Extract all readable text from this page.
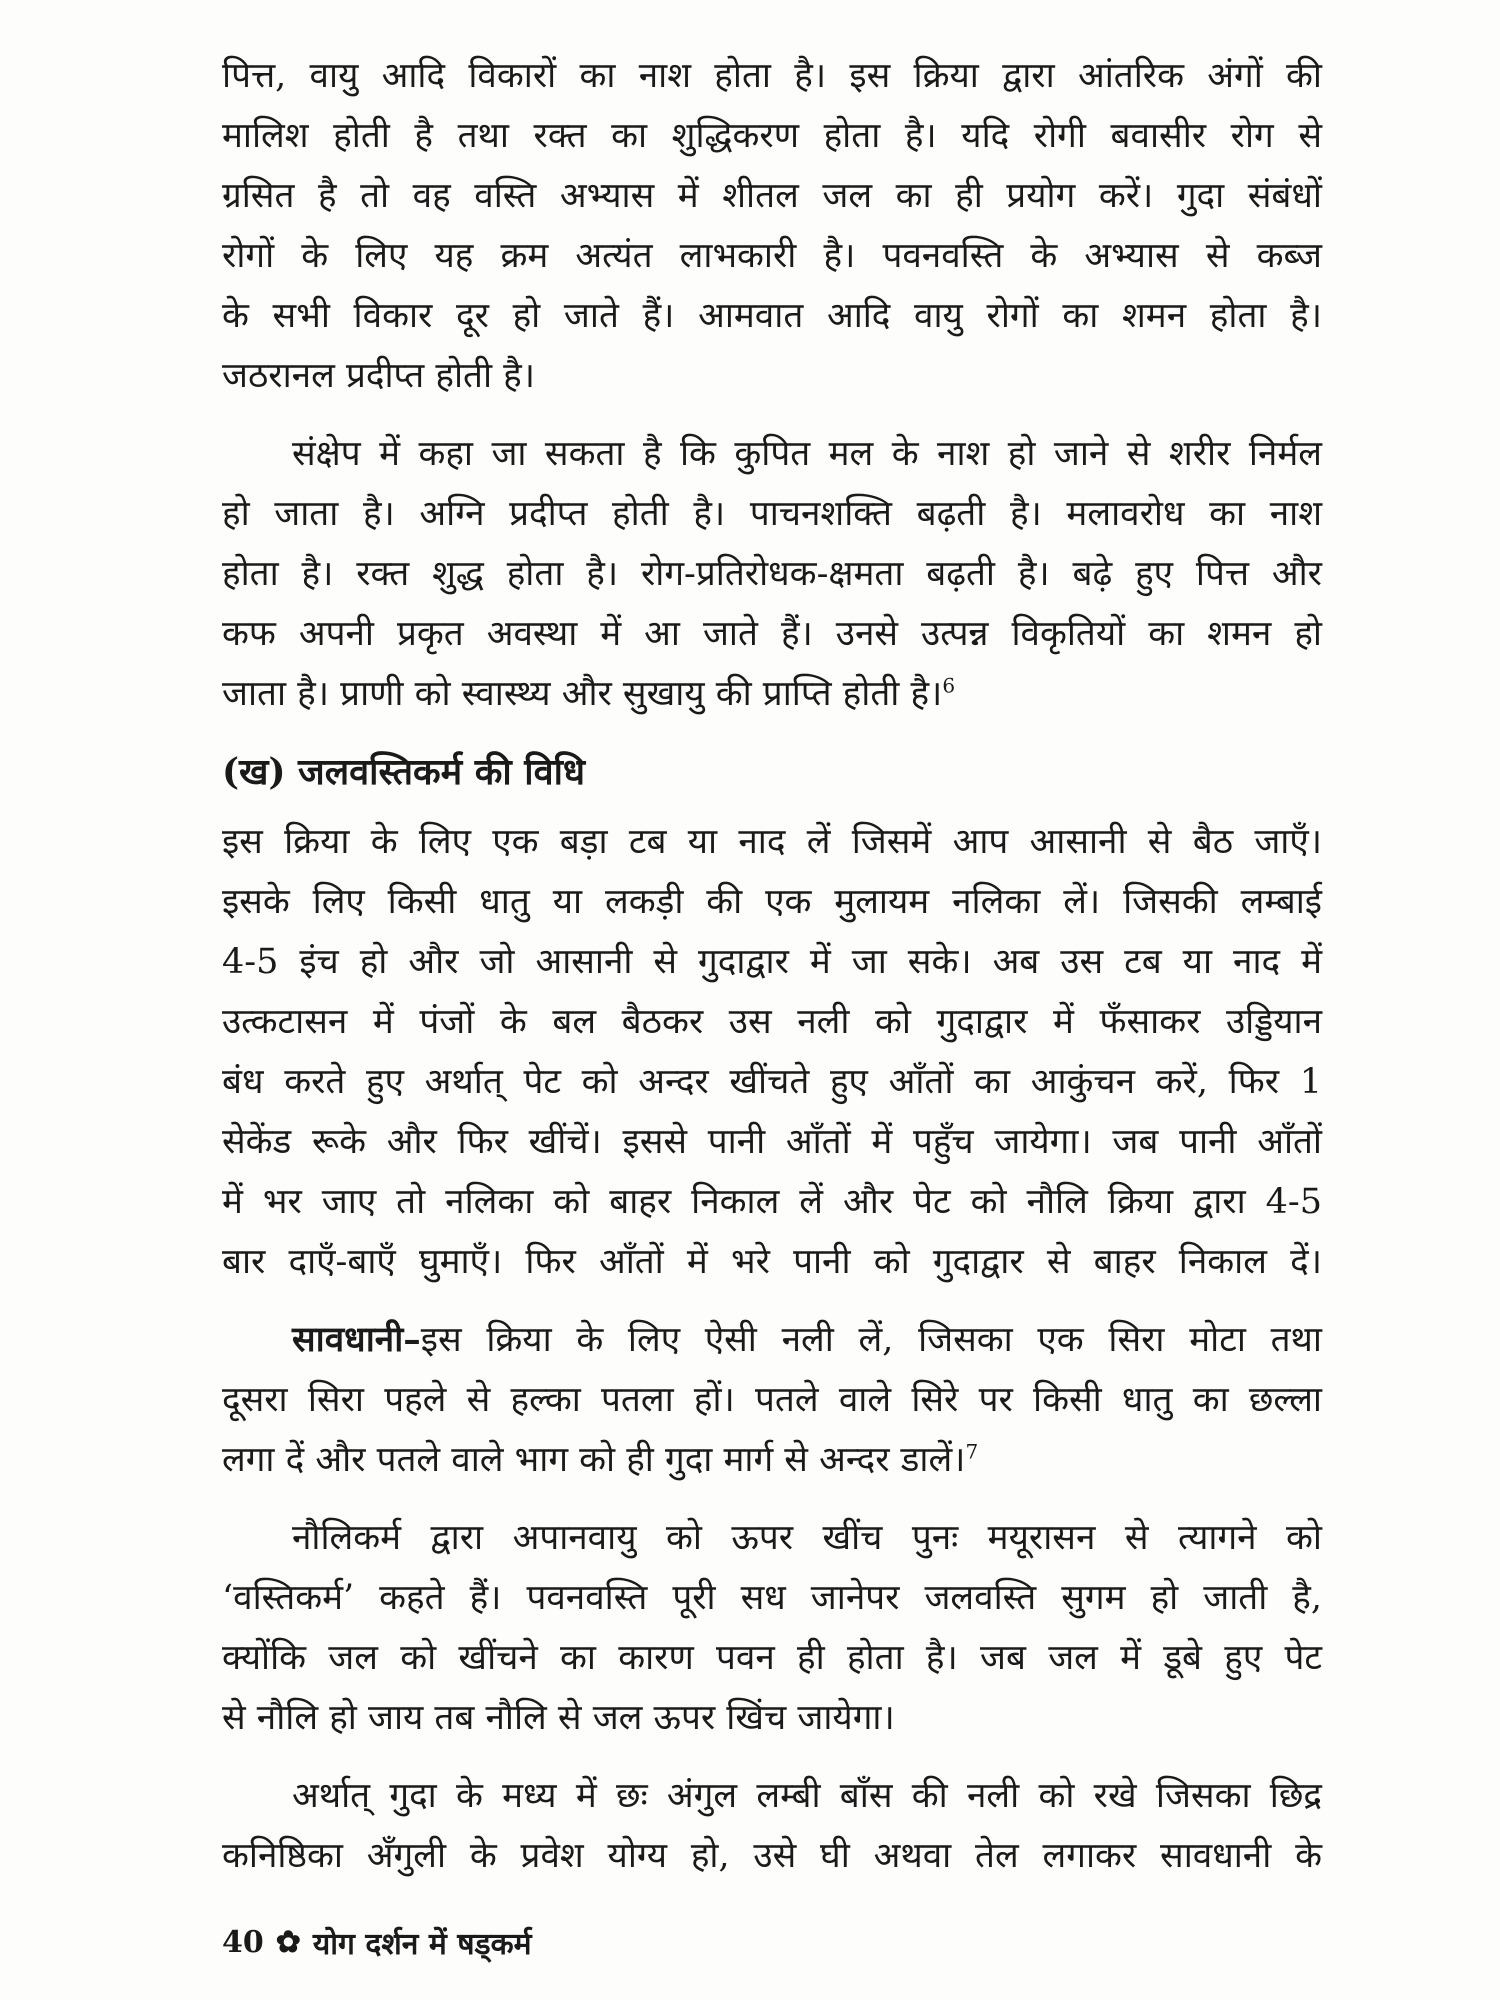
पित्त, वायु आदि विकारों का नाश होता है। इस क्रिया द्वारा आंतरिक अंगों की
मालिश होती है तथा रक्त का शुद्धिकरण होता है। यदि रोगी बवासीर रोग से
ग्रसित है तो वह वस्ति अभ्यास में शीतल जल का ही प्रयोग करें। गुदा संबंधों
रोगों के लिए यह क्रम अत्यंत लाभकारी है। पवनवस्ति के अभ्यास से कब्ज
के सभी विकार दूर हो जाते हैं। आमवात आदि वायु रोगों का शमन होता है।
जठरानल प्रदीप्त होती है।

संक्षेप में कहा जा सकता है कि कुपित मल के नाश हो जाने से शरीर निर्मल
हो जाता है। अग्नि प्रदीप्त होती है। पाचनशक्ति बढ़ती है। मलावरोध का नाश
होता है। रक्त शुद्ध होता है। रोग-प्रतिरोधक-क्षमता बढ़ती है। बढ़े हुए पित्त और
कफ अपनी प्रकृत अवस्था में आ जाते हैं। उनसे उत्पन्न विकृतियों का शमन हो
जाता है। प्राणी को स्वास्थ्य और सुखायु की प्राप्ति होती है।$^6$

(ख) जलवस्तिकर्म की विधि

इस क्रिया के लिए एक बड़ा टब या नाद लें जिसमें आप आसानी से बैठ जाएँ।
इसके लिए किसी धातु या लकड़ी की एक मुलायम नलिका लें। जिसकी लम्बाई
4-5 इंच हो और जो आसानी से गुदाद्वार में जा सके। अब उस टब या नाद में
उत्कटासन में पंजों के बल बैठकर उस नली को गुदाद्वार में फँसाकर उड्डियान
बंध करते हुए अर्थात् पेट को अन्दर खींचते हुए आँतों का आकुंचन करें, फिर 1
सेकेंड रूके और फिर खींचें। इससे पानी आँतों में पहुँच जायेगा। जब पानी आँतों
में भर जाए तो नलिका को बाहर निकाल लें और पेट को नौलि क्रिया द्वारा 4-5
बार दाएँ-बाएँ घुमाएँ। फिर आँतों में भरे पानी को गुदाद्वार से बाहर निकाल दें।

सावधानी–इस क्रिया के लिए ऐसी नली लें, जिसका एक सिरा मोटा तथा
दूसरा सिरा पहले से हल्का पतला हों। पतले वाले सिरे पर किसी धातु का छल्ला
लगा दें और पतले वाले भाग को ही गुदा मार्ग से अन्दर डालें।$^7$

नौलिकर्म द्वारा अपानवायु को ऊपर खींच पुनः मयूरासन से त्यागने को
‘वस्तिकर्म’ कहते हैं। पवनवस्ति पूरी सध जानेपर जलवस्ति सुगम हो जाती है,
क्योंकि जल को खींचने का कारण पवन ही होता है। जब जल में डूबे हुए पेट
से नौलि हो जाय तब नौलि से जल ऊपर खिंच जायेगा।

अर्थात् गुदा के मध्य में छः अंगुल लम्बी बाँस की नली को रखे जिसका छिद्र
कनिष्ठिका अँगुली के प्रवेश योग्य हो, उसे घी अथवा तेल लगाकर सावधानी के

40 ✿ योग दर्शन में षड्कर्म
